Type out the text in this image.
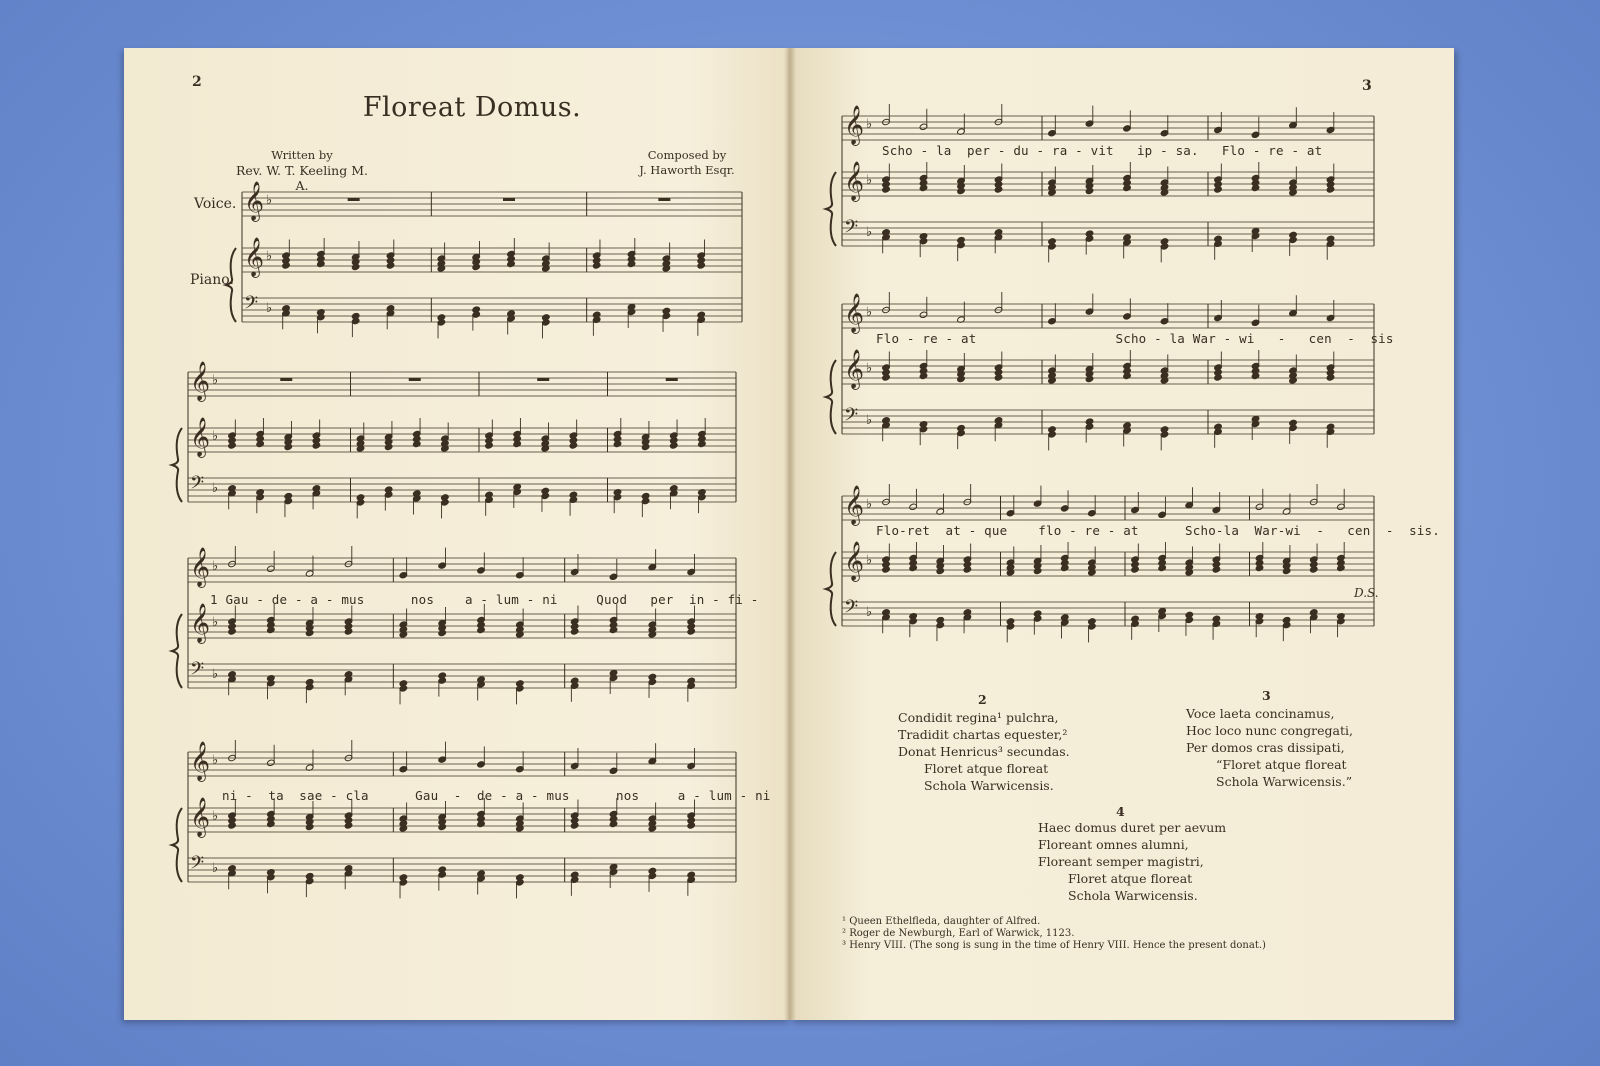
2
Floreat Domus.
Written by
Rev. W. T. Keeling M. A.
Composed by
J. Haworth Esqr.
Voice.
Piano.
𝄞 ♭
𝄞 ♭
𝄢 ♭
𝄞 ♭
𝄞 ♭
𝄢 ♭
𝄞 ♭
𝄞 ♭
𝄢 ♭
𝄞 ♭
𝄞 ♭
𝄢 ♭
1 Gau - de - a - mus      nos    a - lum - ni     Quod   per  in - fi -
ni -  ta  sae - cla      Gau  -  de - a - mus      nos     a - lum - ni
3
𝄞 ♭
𝄞 ♭
𝄢 ♭
𝄞 ♭
𝄞 ♭
𝄢 ♭
𝄞 ♭
𝄞 ♭
𝄢 ♭
Scho - la  per - du - ra - vit   ip - sa.   Flo - re - at
Flo - re - at                  Scho - la War - wi   -   cen  -  sis
Flo-ret  at - que    flo - re - at      Scho-la  War-wi  -   cen  -  sis.
D.S.
2
Condidit regina¹ pulchra,
Tradidit chartas equester,²
Donat Henricus³ secundas.
Floret atque floreat
Schola Warwicensis.
3
Voce laeta concinamus,
Hoc loco nunc congregati,
Per domos cras dissipati,
“Floret atque floreat
Schola Warwicensis.”
4
Haec domus duret per aevum
Floreant omnes alumni,
Floreant semper magistri,
Floret atque floreat
Schola Warwicensis.
¹ Queen Ethelfleda, daughter of Alfred.
² Roger de Newburgh, Earl of Warwick, 1123.
³ Henry VIII. (The song is sung in the time of Henry VIII. Hence the present donat.)
